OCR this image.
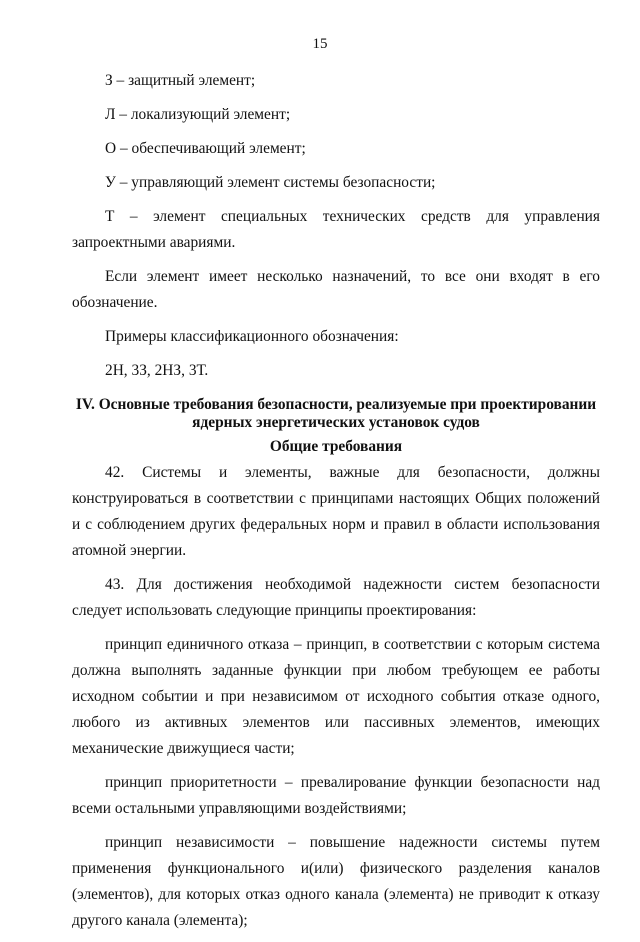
15

З – защитный элемент;

Л – локализующий элемент;

О – обеспечивающий элемент;

У – управляющий элемент системы безопасности;

Т – элемент специальных технических средств для управления запроектными авариями.

Если элемент имеет несколько назначений, то все они входят в его обозначение.

Примеры классификационного обозначения:

2Н, 3З, 2НЗ, 3Т.

IV. Основные требования безопасности, реализуемые при проектировании
ядерных энергетических установок судов
Общие требования

42. Системы и элементы, важные для безопасности, должны конструироваться в соответствии с принципами настоящих Общих положений и с соблюдением других федеральных норм и правил в области использования атомной энергии.

43. Для достижения необходимой надежности систем безопасности следует использовать следующие принципы проектирования:

принцип единичного отказа – принцип, в соответствии с которым система должна выполнять заданные функции при любом требующем ее работы исходном событии и при независимом от исходного события отказе одного, любого из активных элементов или пассивных элементов, имеющих механические движущиеся части;

принцип приоритетности – превалирование функции безопасности над всеми остальными управляющими воздействиями;

принцип независимости – повышение надежности системы путем применения функционального и(или) физического разделения каналов (элементов), для которых отказ одного канала (элемента) не приводит к отказу другого канала (элемента);
